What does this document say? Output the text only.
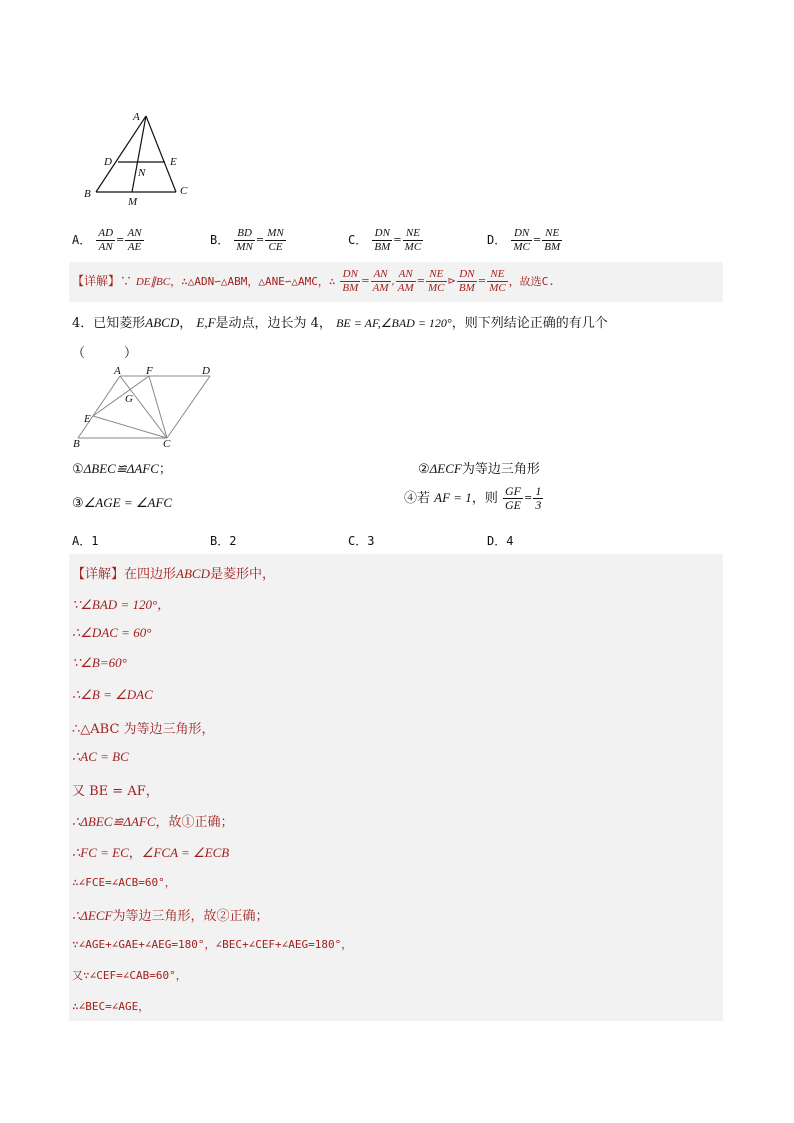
A
D	E
N
B	C
M
A． $\frac{AD}{AN} = \frac{AN}{AE}$	B． $\frac{BD}{MN} = \frac{MN}{CE}$	C． $\frac{DN}{BM} = \frac{NE}{MC}$	D． $\frac{DN}{MC} = \frac{NE}{BM}$
【详解】∵ DE∥BC，∴△ADN∽△ABM，△ANE∽△AMC，∴ $\frac{DN}{BM} = \frac{AN}{AM}$ , $\frac{AN}{AM} = \frac{NE}{MC}$ ⊳ $\frac{DN}{BM} = \frac{NE}{MC}$ ，故选C.
4．已知菱形ABCD， E,F是动点，边长为 4， BE = AF,∠BAD = 120°，则下列结论正确的有几个
（　　　）
A F	D
G
E
B	C
①ΔBEC≌ΔAFC；	②ΔECF为等边三角形
③∠AGE = ∠AFC	④若 AF = 1，则 $\frac{GF}{GE} = \frac{1}{3}$
A．1	B．2	C．3	D．4
【详解】在四边形ABCD是菱形中，
∵∠BAD = 120°，
∴∠DAC = 60°
∵∠B=60°
∴∠B = ∠DAC
∴△ABC 为等边三角形，
∴AC = BC
又 BE = AF，
∴ΔBEC≌ΔAFC，故①正确；
∴FC = EC，∠FCA = ∠ECB
∴∠FCE=∠ACB=60°，
∴ΔECF为等边三角形，故②正确；
∵∠AGE+∠GAE+∠AEG=180°，∠BEC+∠CEF+∠AEG=180°，
又∵∠CEF=∠CAB=60°，
∴∠BEC=∠AGE，
